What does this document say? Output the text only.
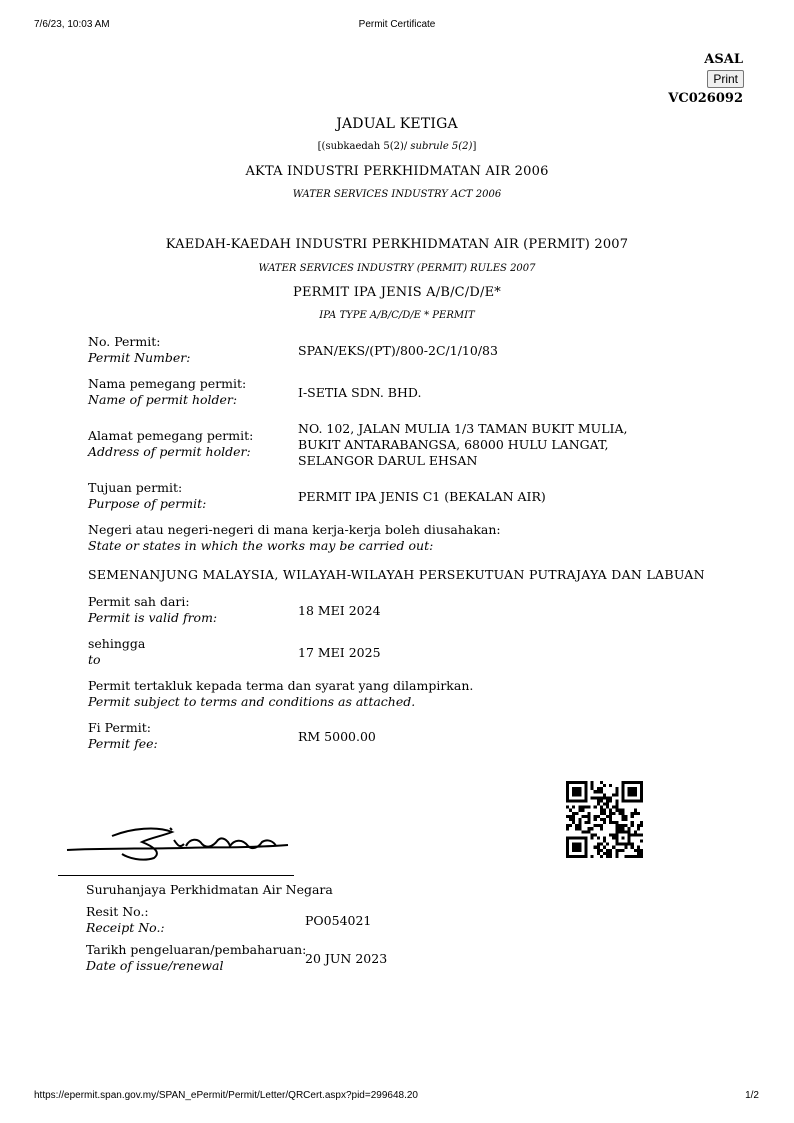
7/6/23, 10:03 AM	Permit Certificate
ASAL
Print
VC026092
JADUAL KETIGA
[(subkaedah 5(2)/ subrule 5(2)]
AKTA INDUSTRI PERKHIDMATAN AIR 2006
WATER SERVICES INDUSTRY ACT 2006
KAEDAH-KAEDAH INDUSTRI PERKHIDMATAN AIR (PERMIT) 2007
WATER SERVICES INDUSTRY (PERMIT) RULES 2007
PERMIT IPA JENIS A/B/C/D/E*
IPA TYPE A/B/C/D/E * PERMIT
No. Permit:
Permit Number:	SPAN/EKS/(PT)/800-2C/1/10/83
Nama pemegang permit:
Name of permit holder:	I-SETIA SDN. BHD.
Alamat pemegang permit:
Address of permit holder:
NO. 102, JALAN MULIA 1/3 TAMAN BUKIT MULIA,
BUKIT ANTARABANGSA, 68000 HULU LANGAT,
SELANGOR DARUL EHSAN
Tujuan permit:
Purpose of permit:	PERMIT IPA JENIS C1 (BEKALAN AIR)
Negeri atau negeri-negeri di mana kerja-kerja boleh diusahakan:
State or states in which the works may be carried out:
SEMENANJUNG MALAYSIA, WILAYAH-WILAYAH PERSEKUTUAN PUTRAJAYA DAN LABUAN
Permit sah dari:
Permit is valid from:	18 MEI 2024
sehingga
to	17 MEI 2025
Permit tertakluk kepada terma dan syarat yang dilampirkan.
Permit subject to terms and conditions as attached.
Fi Permit:
Permit fee:	RM 5000.00
Suruhanjaya Perkhidmatan Air Negara
Resit No.:
Receipt No.:	PO054021
Tarikh pengeluaran/pembaharuan:
Date of issue/renewal	20 JUN 2023
https://epermit.span.gov.my/SPAN_ePermit/Permit/Letter/QRCert.aspx?pid=299648.20	1/2
